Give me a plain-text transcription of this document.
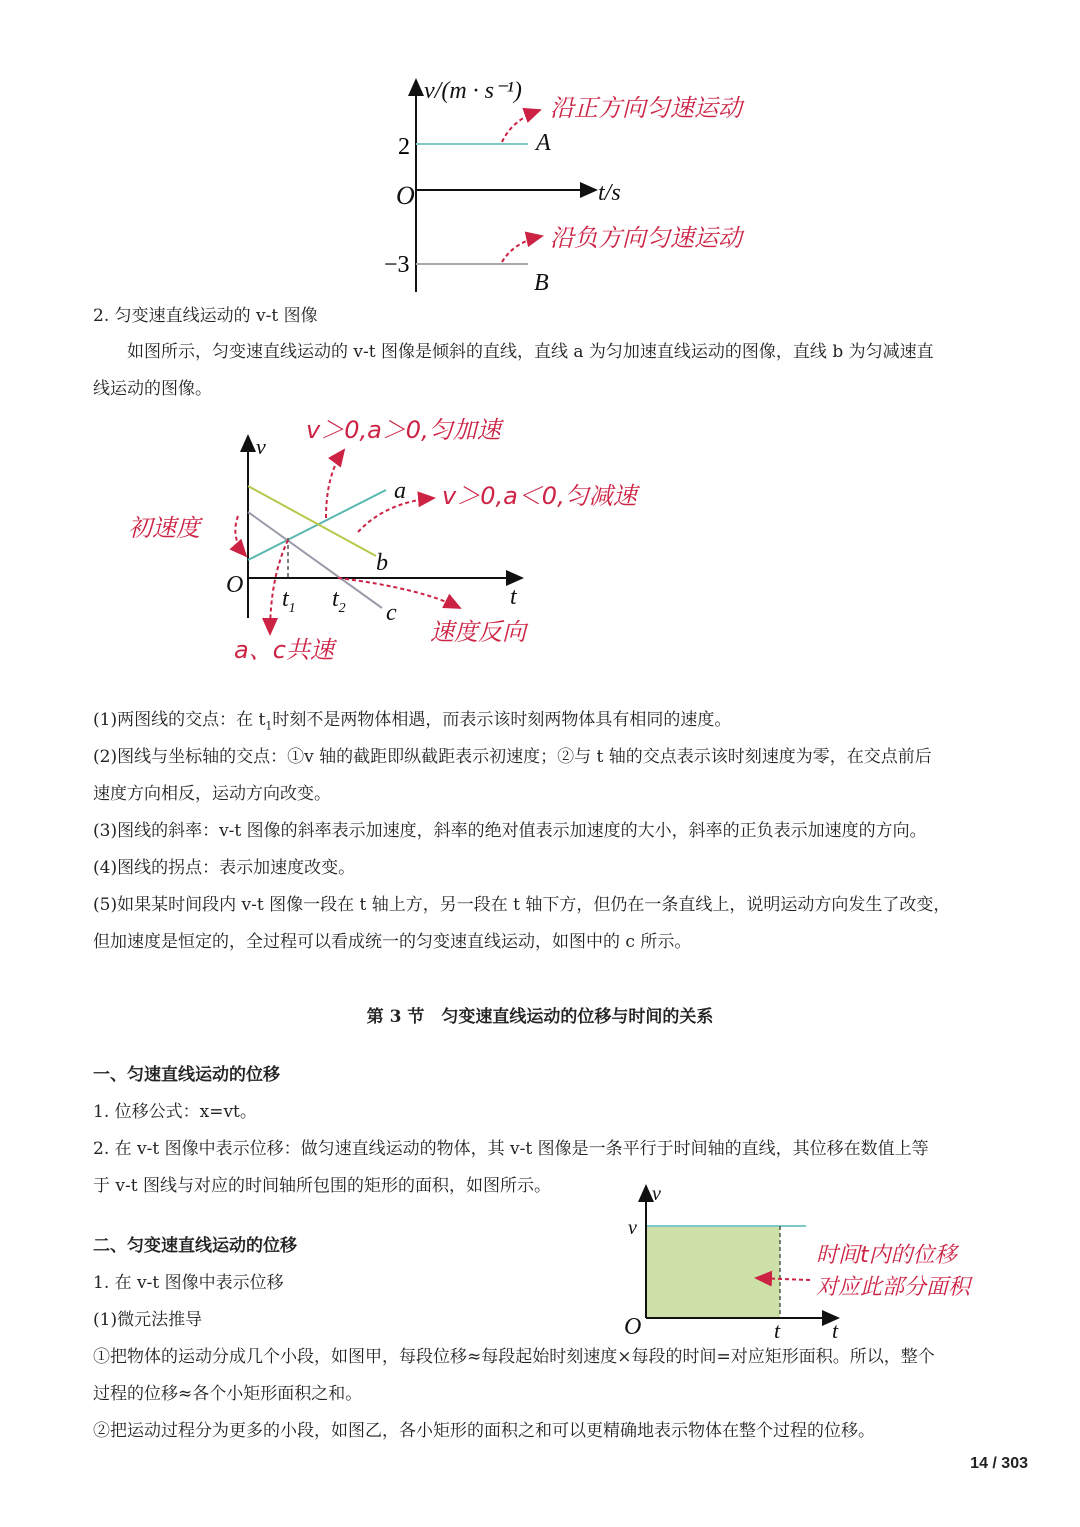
v/(m · s⁻¹)
t/s
O
2
−3
A
B
沿正方向匀速运动
沿负方向匀速运动
2. 匀变速直线运动的 v-t 图像
如图所示，匀变速直线运动的 v-t 图像是倾斜的直线，直线 a 为匀加速直线运动的图像，直线 b 为匀减速直
线运动的图像。
v
t
O
a
b
c
$t_1$ $t_2$
v＞0,a＞0,匀加速
v＞0,a＜0,匀减速
初速度
a、c共速
速度反向
(1)两图线的交点：在 $t_1$时刻不是两物体相遇，而表示该时刻两物体具有相同的速度。
(2)图线与坐标轴的交点：①v 轴的截距即纵截距表示初速度；②与 t 轴的交点表示该时刻速度为零，在交点前后
速度方向相反，运动方向改变。
(3)图线的斜率：v-t 图像的斜率表示加速度，斜率的绝对值表示加速度的大小，斜率的正负表示加速度的方向。
(4)图线的拐点：表示加速度改变。
(5)如果某时间段内 v-t 图像一段在 t 轴上方，另一段在 t 轴下方，但仍在一条直线上，说明运动方向发生了改变，
但加速度是恒定的，全过程可以看成统一的匀变速直线运动，如图中的 c 所示。
第 3 节　匀变速直线运动的位移与时间的关系
一、匀速直线运动的位移
1. 位移公式：x=vt。
2. 在 v-t 图像中表示位移：做匀速直线运动的物体，其 v-t 图像是一条平行于时间轴的直线，其位移在数值上等
于 v-t 图线与对应的时间轴所包围的矩形的面积，如图所示。	v
t
O
v
t
时间t内的位移
对应此部分面积
二、匀变速直线运动的位移
1. 在 v-t 图像中表示位移
(1)微元法推导
①把物体的运动分成几个小段，如图甲，每段位移≈每段起始时刻速度×每段的时间=对应矩形面积。所以，整个
过程的位移≈各个小矩形面积之和。
②把运动过程分为更多的小段，如图乙，各小矩形的面积之和可以更精确地表示物体在整个过程的位移。
14 / 303
